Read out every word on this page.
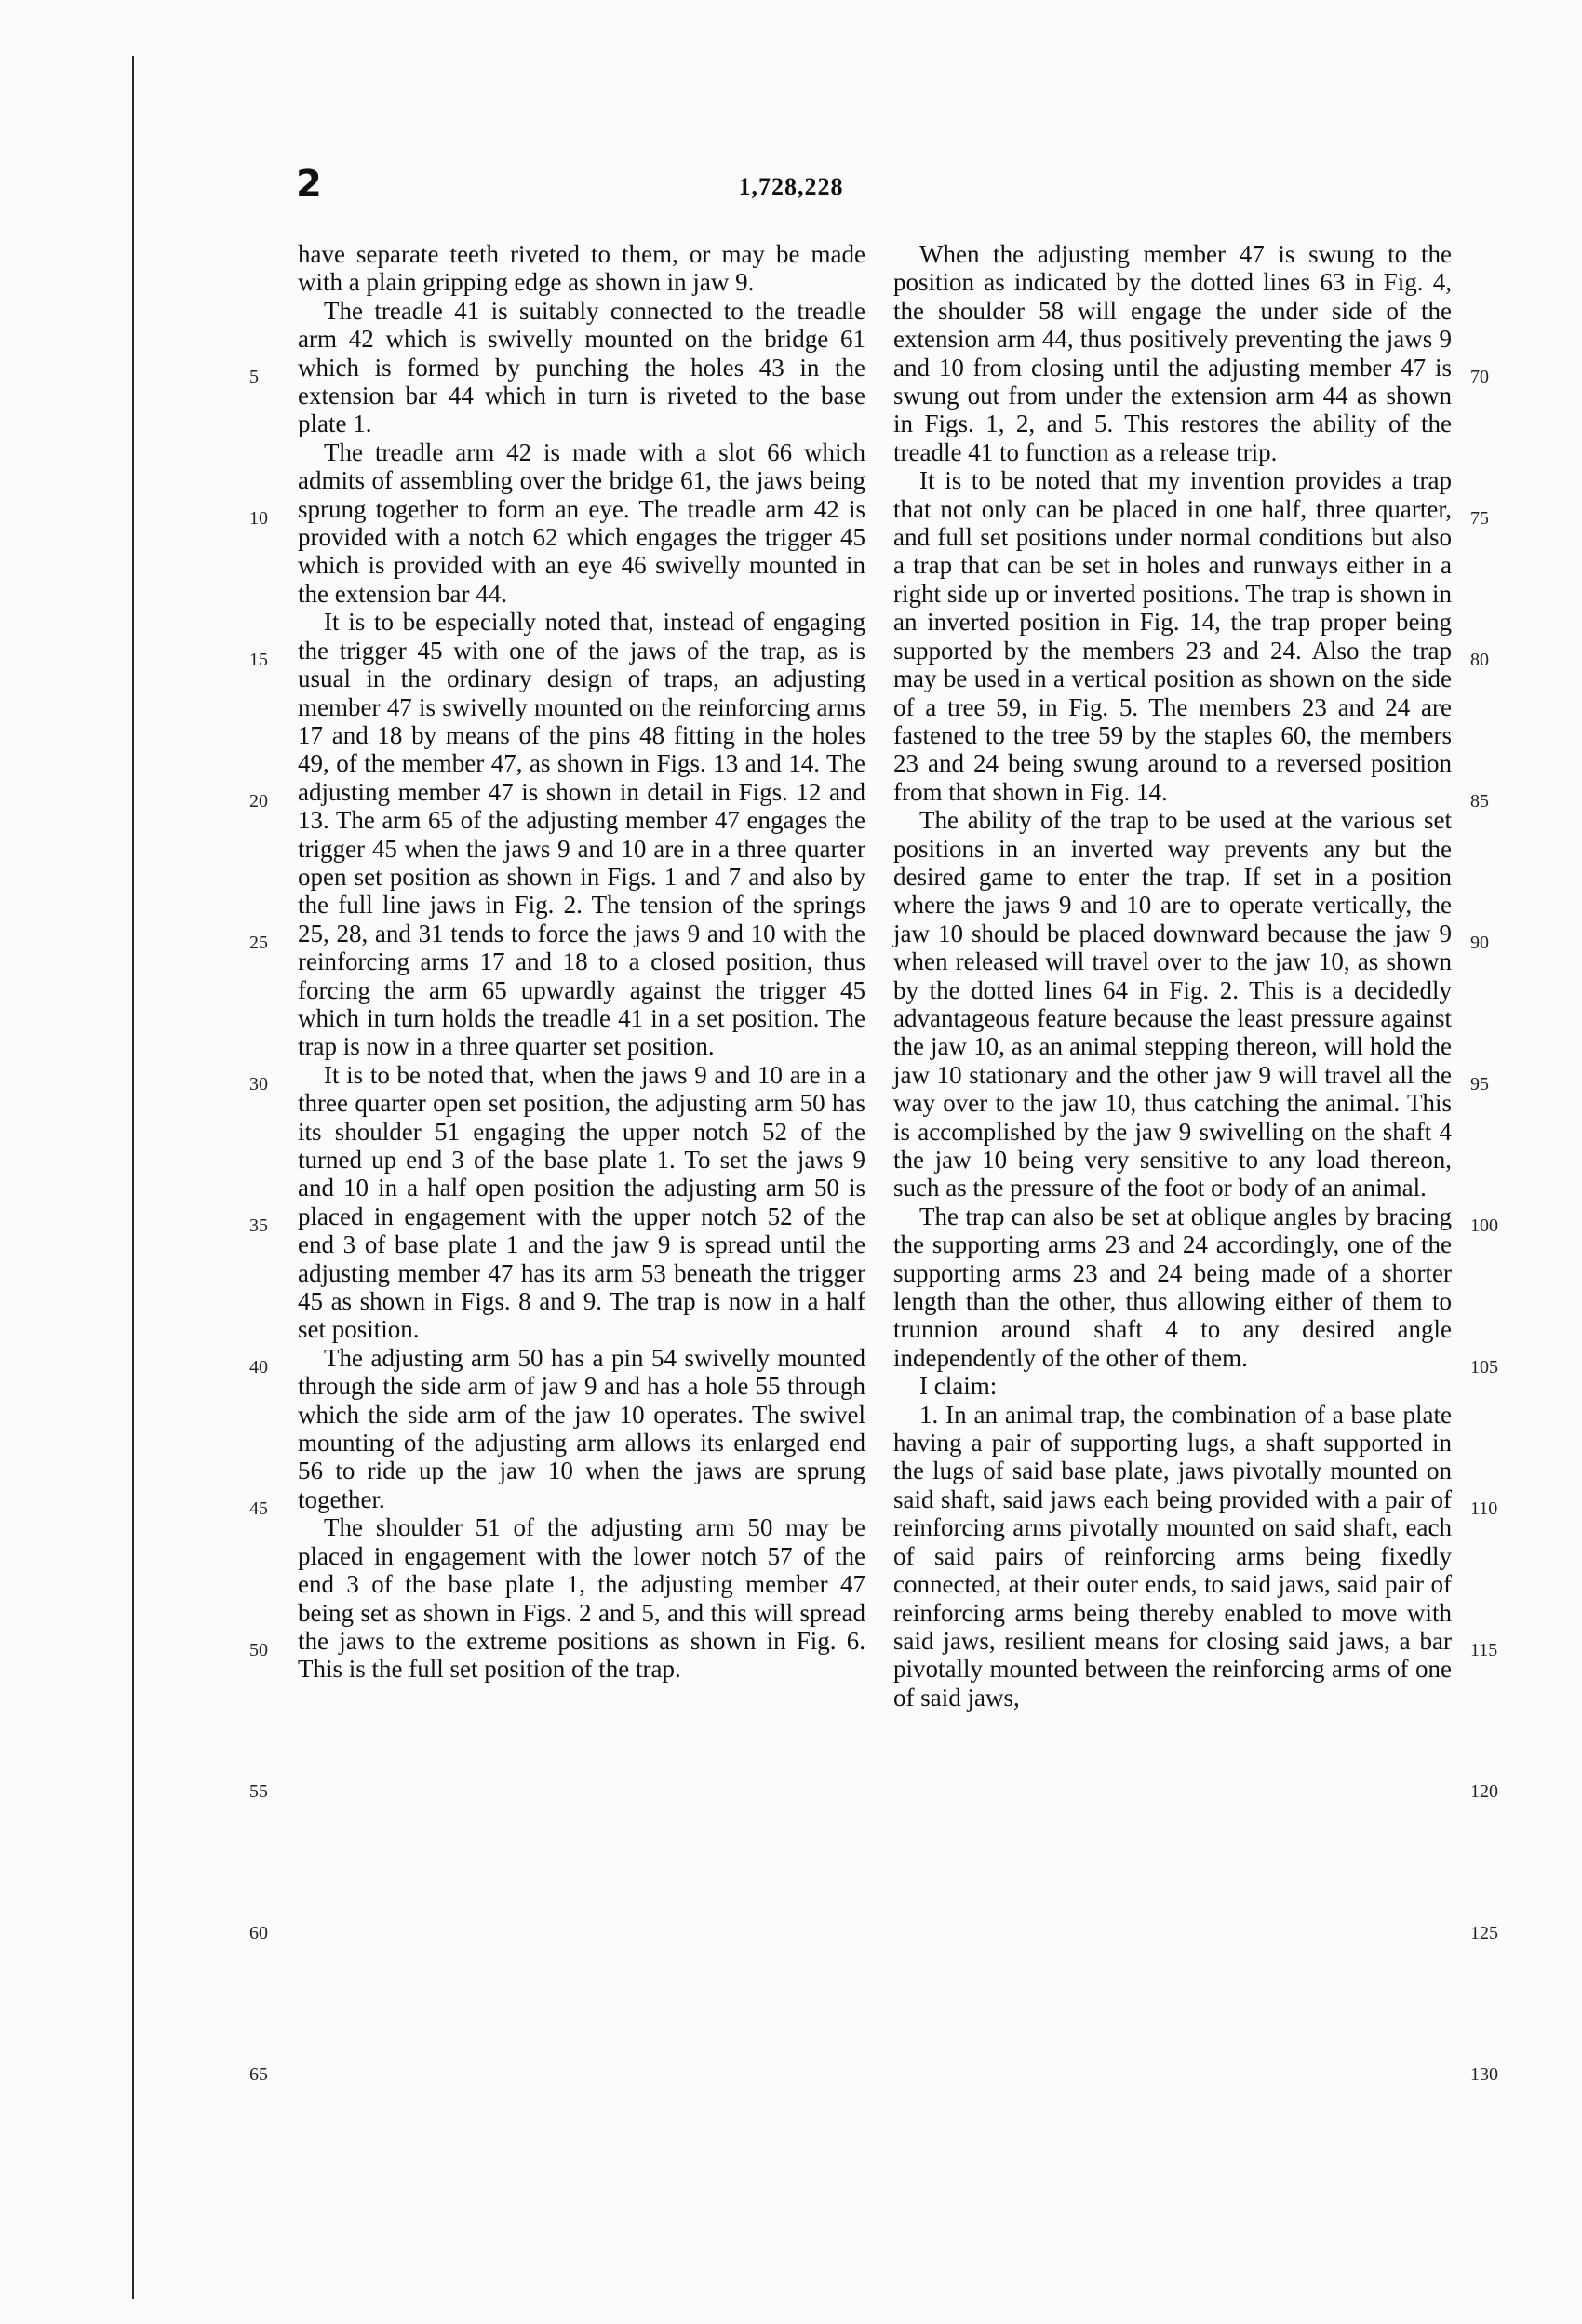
2	1,728,228

have separate teeth riveted to them, or may be made with a plain gripping edge as shown in jaw 9.

The treadle 41 is suitably connected to the treadle arm 42 which is swivelly mounted on the bridge 61 which is formed by punching the holes 43 in the extension bar 44 which in turn is riveted to the base plate 1.

The treadle arm 42 is made with a slot 66 which admits of assembling over the bridge 61, the jaws being sprung together to form an eye. The treadle arm 42 is provided with a notch 62 which engages the trigger 45 which is provided with an eye 46 swivelly mounted in the extension bar 44.

It is to be especially noted that, instead of engaging the trigger 45 with one of the jaws of the trap, as is usual in the ordinary design of traps, an adjusting member 47 is swivelly mounted on the reinforcing arms 17 and 18 by means of the pins 48 fitting in the holes 49, of the member 47, as shown in Figs. 13 and 14. The adjusting member 47 is shown in detail in Figs. 12 and 13. The arm 65 of the adjusting member 47 engages the trigger 45 when the jaws 9 and 10 are in a three quarter open set position as shown in Figs. 1 and 7 and also by the full line jaws in Fig. 2. The tension of the springs 25, 28, and 31 tends to force the jaws 9 and 10 with the reinforcing arms 17 and 18 to a closed position, thus forcing the arm 65 upwardly against the trigger 45 which in turn holds the treadle 41 in a set position. The trap is now in a three quarter set position.

It is to be noted that, when the jaws 9 and 10 are in a three quarter open set position, the adjusting arm 50 has its shoulder 51 engaging the upper notch 52 of the turned up end 3 of the base plate 1. To set the jaws 9 and 10 in a half open position the adjusting arm 50 is placed in engagement with the upper notch 52 of the end 3 of base plate 1 and the jaw 9 is spread until the adjusting member 47 has its arm 53 beneath the trigger 45 as shown in Figs. 8 and 9. The trap is now in a half set position.

The adjusting arm 50 has a pin 54 swivelly mounted through the side arm of jaw 9 and has a hole 55 through which the side arm of the jaw 10 operates. The swivel mounting of the adjusting arm allows its enlarged end 56 to ride up the jaw 10 when the jaws are sprung together.

The shoulder 51 of the adjusting arm 50 may be placed in engagement with the lower notch 57 of the end 3 of the base plate 1, the adjusting member 47 being set as shown in Figs. 2 and 5, and this will spread the jaws to the extreme positions as shown in Fig. 6. This is the full set position of the trap.

When the adjusting member 47 is swung to the position as indicated by the dotted lines 63 in Fig. 4, the shoulder 58 will engage the under side of the extension arm 44, thus positively preventing the jaws 9 and 10 from closing until the adjusting member 47 is swung out from under the extension arm 44 as shown in Figs. 1, 2, and 5. This restores the ability of the treadle 41 to function as a release trip.

It is to be noted that my invention provides a trap that not only can be placed in one half, three quarter, and full set positions under normal conditions but also a trap that can be set in holes and runways either in a right side up or inverted positions. The trap is shown in an inverted position in Fig. 14, the trap proper being supported by the members 23 and 24. Also the trap may be used in a vertical position as shown on the side of a tree 59, in Fig. 5. The members 23 and 24 are fastened to the tree 59 by the staples 60, the members 23 and 24 being swung around to a reversed position from that shown in Fig. 14.

The ability of the trap to be used at the various set positions in an inverted way prevents any but the desired game to enter the trap. If set in a position where the jaws 9 and 10 are to operate vertically, the jaw 10 should be placed downward because the jaw 9 when released will travel over to the jaw 10, as shown by the dotted lines 64 in Fig. 2. This is a decidedly advantageous feature because the least pressure against the jaw 10, as an animal stepping thereon, will hold the jaw 10 stationary and the other jaw 9 will travel all the way over to the jaw 10, thus catching the animal. This is accomplished by the jaw 9 swivelling on the shaft 4 the jaw 10 being very sensitive to any load thereon, such as the pressure of the foot or body of an animal.

The trap can also be set at oblique angles by bracing the supporting arms 23 and 24 accordingly, one of the supporting arms 23 and 24 being made of a shorter length than the other, thus allowing either of them to trunnion around shaft 4 to any desired angle independently of the other of them.

I claim:

1. In an animal trap, the combination of a base plate having a pair of supporting lugs, a shaft supported in the lugs of said base plate, jaws pivotally mounted on said shaft, said jaws each being provided with a pair of reinforcing arms pivotally mounted on said shaft, each of said pairs of reinforcing arms being fixedly connected, at their outer ends, to said jaws, said pair of reinforcing arms being thereby enabled to move with said jaws, resilient means for closing said jaws, a bar pivotally mounted between the reinforcing arms of one of said jaws,

5
10
15
20
25
30
35
40
45
50
55
60
65
70
75
80
85
90
95
100
105
110
115
120
125
130
